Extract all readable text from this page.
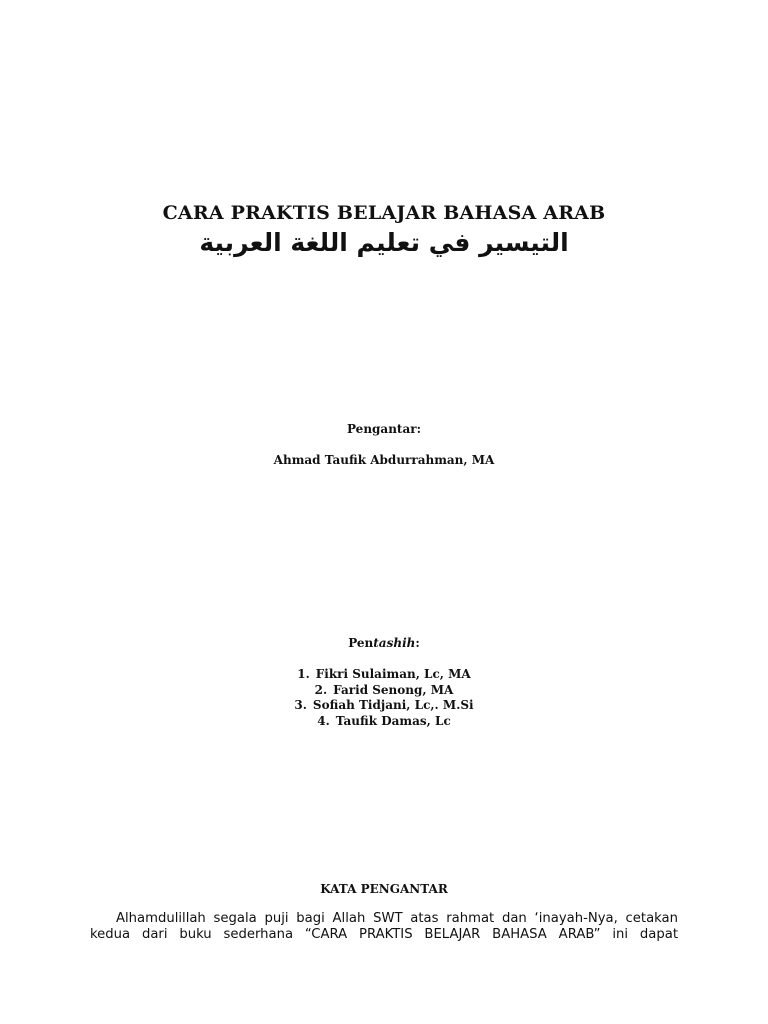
CARA PRAKTIS BELAJAR BAHASA ARAB
التيسير في تعليم اللغة العربية
Pengantar:
Ahmad Taufik Abdurrahman, MA
Pentashih:
1. Fikri Sulaiman, Lc, MA
2. Farid Senong, MA
3. Sofiah Tidjani, Lc,. M.Si
4. Taufik Damas, Lc
KATA PENGANTAR

Alhamdulillah segala puji bagi Allah SWT atas rahmat dan ‘inayah-Nya, cetakan kedua dari buku sederhana “CARA PRAKTIS BELAJAR BAHASA ARAB” ini dapat
